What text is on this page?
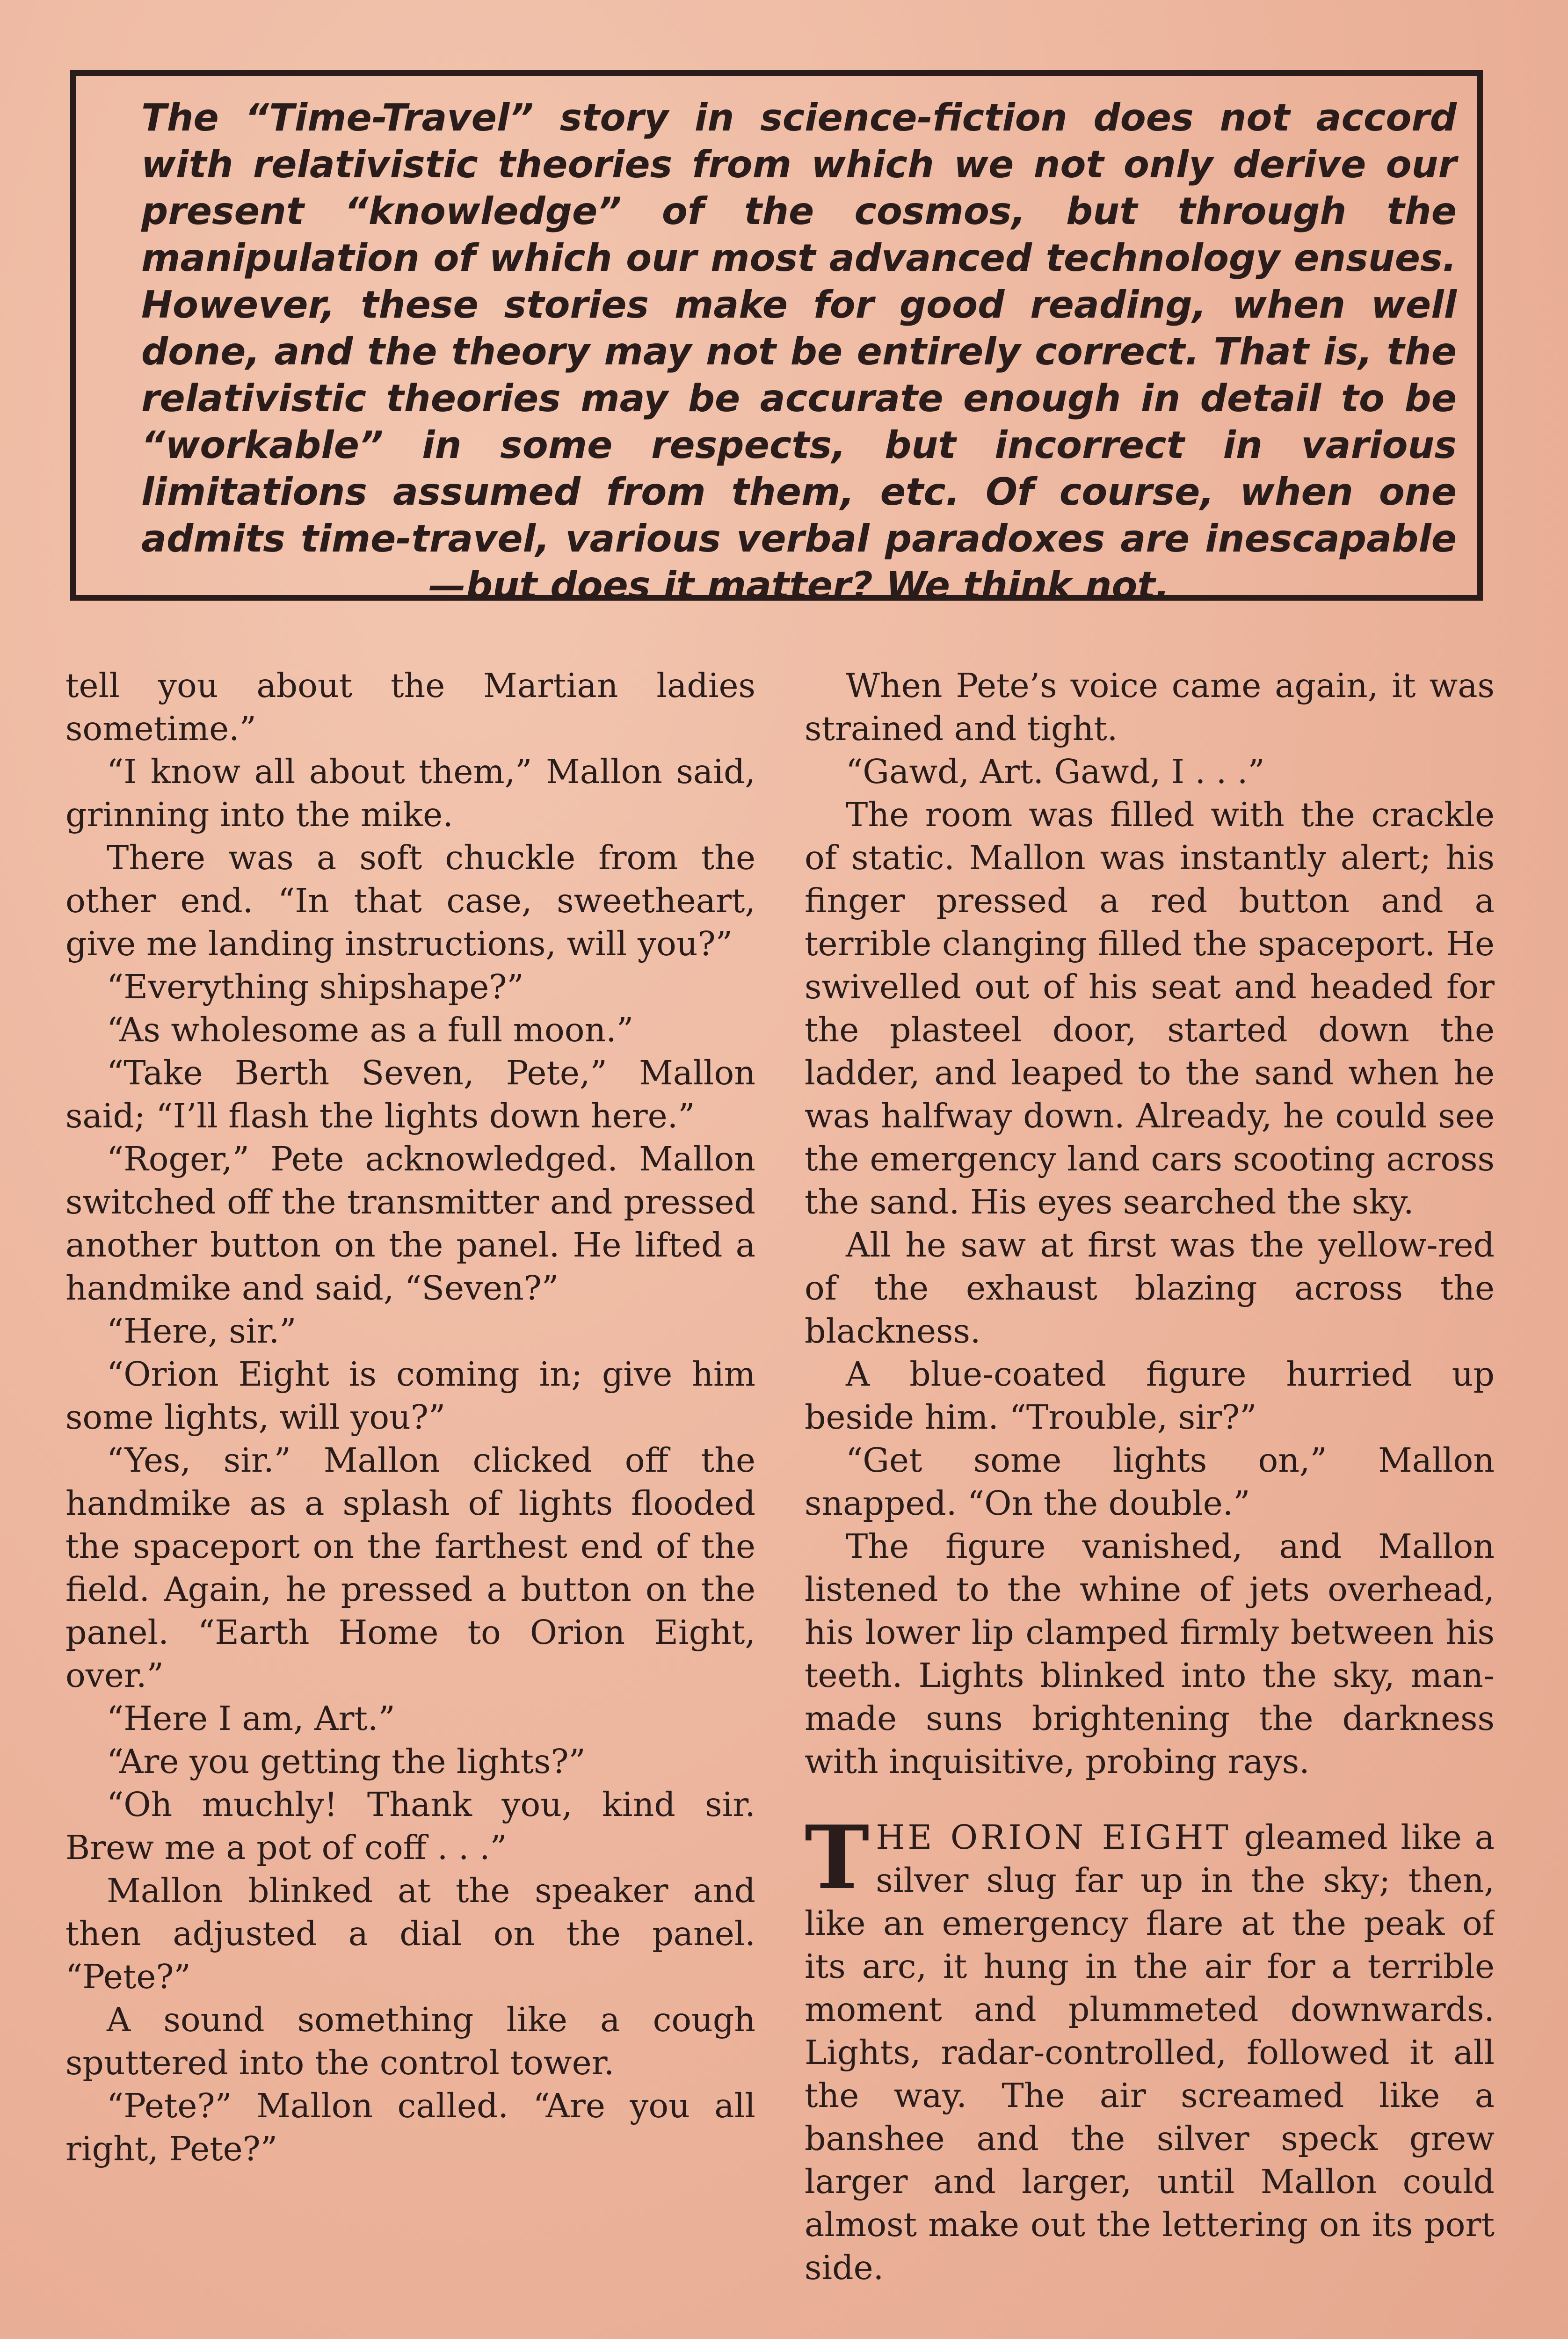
The “Time-Travel” story in science-fiction does not accord with relativistic theories from which we not only derive our present “knowledge” of the cosmos, but through the manipulation of which our most advanced technology ensues. However, these stories make for good reading, when well done, and the theory may not be entirely correct. That is, the relativistic theories may be accurate enough in detail to be “workable” in some respects, but incorrect in various limitations assumed from them, etc. Of course, when one admits time-travel, various verbal paradoxes are inescapable —but does it matter? We think not.

tell you about the Martian ladies sometime.”

“I know all about them,” Mallon said, grinning into the mike.

There was a soft chuckle from the other end. “In that case, sweetheart, give me landing instructions, will you?”

“Everything shipshape?”

“As wholesome as a full moon.”

“Take Berth Seven, Pete,” Mallon said; “I’ll flash the lights down here.”

“Roger,” Pete acknowledged. Mallon switched off the transmitter and pressed another button on the panel. He lifted a handmike and said, “Seven?”

“Here, sir.”

“Orion Eight is coming in; give him some lights, will you?”

“Yes, sir.” Mallon clicked off the handmike as a splash of lights flooded the spaceport on the farthest end of the field. Again, he pressed a button on the panel. “Earth Home to Orion Eight, over.”

“Here I am, Art.”

“Are you getting the lights?”

“Oh muchly! Thank you, kind sir. Brew me a pot of coff . . .”

Mallon blinked at the speaker and then adjusted a dial on the panel. “Pete?”

A sound something like a cough sputtered into the control tower.

“Pete?” Mallon called. “Are you all right, Pete?”

When Pete’s voice came again, it was strained and tight.

“Gawd, Art. Gawd, I . . .”

The room was filled with the crackle of static. Mallon was instantly alert; his finger pressed a red button and a terrible clanging filled the spaceport. He swivelled out of his seat and headed for the plasteel door, started down the ladder, and leaped to the sand when he was halfway down. Already, he could see the emergency land cars scooting across the sand. His eyes searched the sky.

All he saw at first was the yellow-red of the exhaust blazing across the blackness.

A blue-coated figure hurried up beside him. “Trouble, sir?”

“Get some lights on,” Mallon snapped. “On the double.”

The figure vanished, and Mallon listened to the whine of jets overhead, his lower lip clamped firmly between his teeth. Lights blinked into the sky, man-made suns brightening the darkness with inquisitive, probing rays.

THE ORION EIGHT gleamed like a silver slug far up in the sky; then, like an emergency flare at the peak of its arc, it hung in the air for a terrible moment and plummeted downwards. Lights, radar-controlled, followed it all the way. The air screamed like a banshee and the silver speck grew larger and larger, until Mallon could almost make out the lettering on its port side.
